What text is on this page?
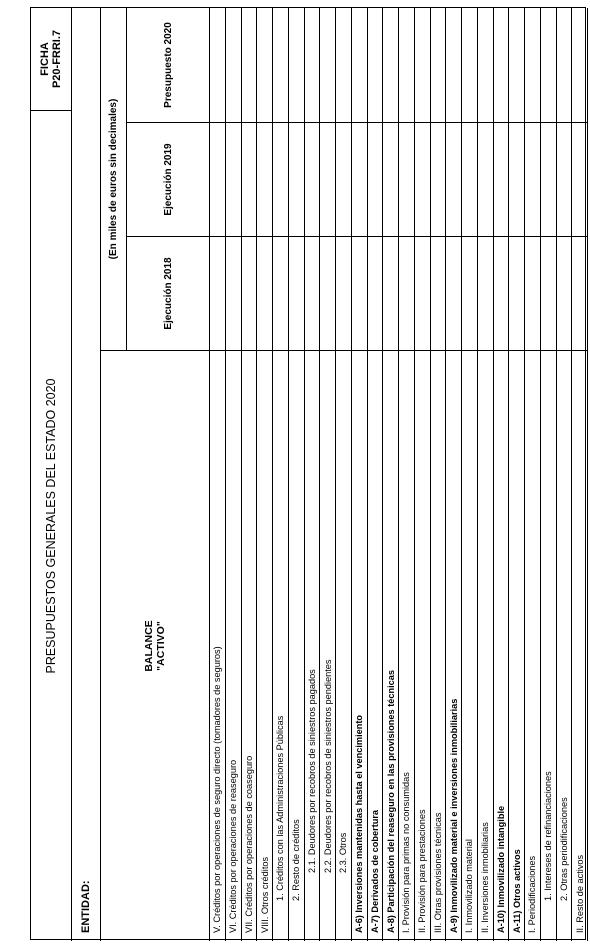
PRESUPUESTOS GENERALES DEL ESTADO 2020
FICHA P20-FRRI.7
ENTIDAD:
BALANCE "ACTIVO"
(En miles de euros sin decimales)
Ejecución 2018
Ejecución 2019
Presupuesto 2020
V. Créditos por operaciones de seguro directo (tomadores de seguros) VI. Créditos por operaciones de reaseguro VII. Créditos por operaciones de coaseguro VIII. Otros créditos 1. Créditos con las Administraciones Públicas 2. Resto de créditos 2.1. Deudores por recobros de siniestros pagados 2.2. Deudores por recobros de siniestros pendientes 2.3. Otros A-6) Inversiones mantenidas hasta el vencimiento A-7) Derivados de cobertura A-8) Participación del reaseguro en las provisiones técnicas I. Provisión para primas no consumidas II. Provisión para prestaciones III. Otras provisiones técnicas A-9) Inmovilizado material e inversiones inmobiliarias I. Inmovilizado material II. Inversiones inmobiliarias A-10) Inmovilizado intangible A-11) Otros activos I. Periodificaciones 1. Intereses de refinanciaciones 2. Otras periodificaciones II. Resto de activos
